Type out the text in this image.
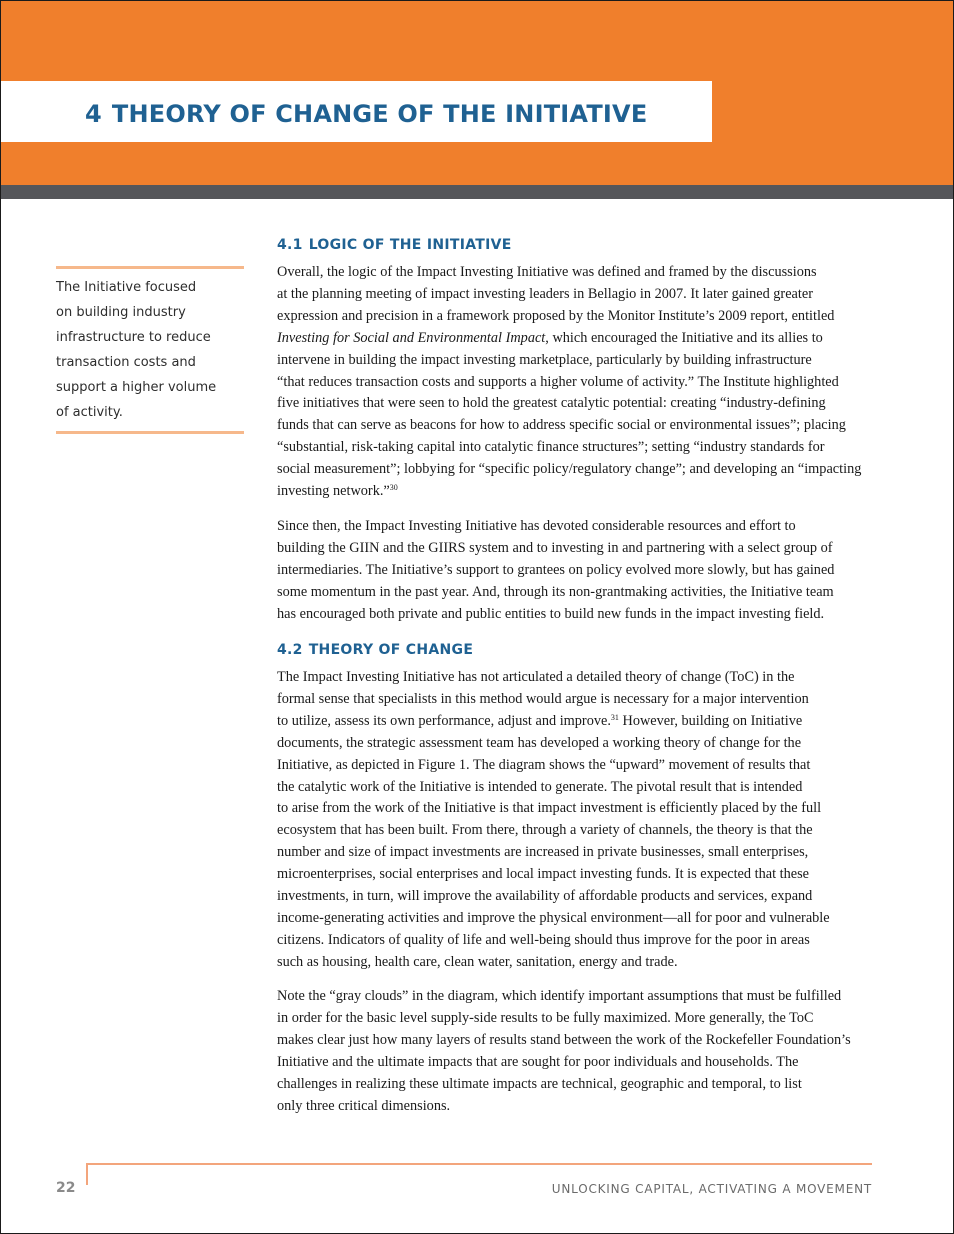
4 THEORY OF CHANGE OF THE INITIATIVE

The Initiative focused
on building industry
infrastructure to reduce
transaction costs and
support a higher volume
of activity.

4.1 LOGIC OF THE INITIATIVE

Overall, the logic of the Impact Investing Initiative was defined and framed by the discussions
at the planning meeting of impact investing leaders in Bellagio in 2007. It later gained greater
expression and precision in a framework proposed by the Monitor Institute’s 2009 report, entitled
Investing for Social and Environmental Impact, which encouraged the Initiative and its allies to
intervene in building the impact investing marketplace, particularly by building infrastructure
“that reduces transaction costs and supports a higher volume of activity.” The Institute highlighted
five initiatives that were seen to hold the greatest catalytic potential: creating “industry-defining
funds that can serve as beacons for how to address specific social or environmental issues”; placing
“substantial, risk-taking capital into catalytic finance structures”; setting “industry standards for
social measurement”; lobbying for “specific policy/regulatory change”; and developing an “impacting
investing network.”$^{30}$

Since then, the Impact Investing Initiative has devoted considerable resources and effort to
building the GIIN and the GIIRS system and to investing in and partnering with a select group of
intermediaries. The Initiative’s support to grantees on policy evolved more slowly, but has gained
some momentum in the past year. And, through its non-grantmaking activities, the Initiative team
has encouraged both private and public entities to build new funds in the impact investing field.

4.2 THEORY OF CHANGE

The Impact Investing Initiative has not articulated a detailed theory of change (ToC) in the
formal sense that specialists in this method would argue is necessary for a major intervention
to utilize, assess its own performance, adjust and improve.$^{31}$ However, building on Initiative
documents, the strategic assessment team has developed a working theory of change for the
Initiative, as depicted in Figure 1. The diagram shows the “upward” movement of results that
the catalytic work of the Initiative is intended to generate. The pivotal result that is intended
to arise from the work of the Initiative is that impact investment is efficiently placed by the full
ecosystem that has been built. From there, through a variety of channels, the theory is that the
number and size of impact investments are increased in private businesses, small enterprises,
microenterprises, social enterprises and local impact investing funds. It is expected that these
investments, in turn, will improve the availability of affordable products and services, expand
income-generating activities and improve the physical environment—all for poor and vulnerable
citizens. Indicators of quality of life and well-being should thus improve for the poor in areas
such as housing, health care, clean water, sanitation, energy and trade.

Note the “gray clouds” in the diagram, which identify important assumptions that must be fulfilled
in order for the basic level supply-side results to be fully maximized. More generally, the ToC
makes clear just how many layers of results stand between the work of the Rockefeller Foundation’s
Initiative and the ultimate impacts that are sought for poor individuals and households. The
challenges in realizing these ultimate impacts are technical, geographic and temporal, to list
only three critical dimensions.

22	UNLOCKING CAPITAL, ACTIVATING A MOVEMENT
